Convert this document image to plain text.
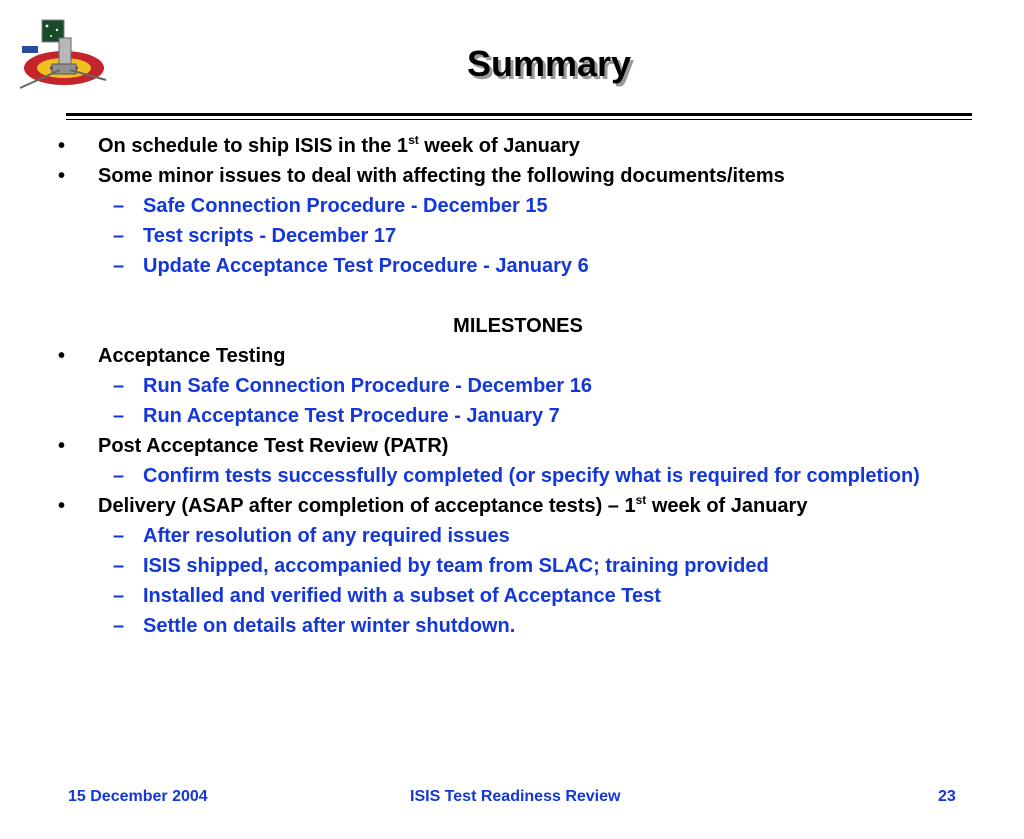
Summary
•	On schedule to ship ISIS in the 1st week of January
•	Some minor issues to deal with affecting the following documents/items
– Safe Connection Procedure - December 15
– Test scripts - December 17
– Update Acceptance Test Procedure - January 6
MILESTONES
•	Acceptance Testing
– Run Safe Connection Procedure - December 16
– Run Acceptance Test Procedure - January 7
•	Post Acceptance Test Review (PATR)
– Confirm tests successfully completed (or specify what is required for completion)
•	Delivery (ASAP after completion of acceptance tests) – 1st week of January
– After resolution of any required issues
– ISIS shipped, accompanied by team from SLAC; training provided
– Installed and verified with a subset of Acceptance Test
– Settle on details after winter shutdown.
15 December 2004	ISIS Test Readiness Review	23
